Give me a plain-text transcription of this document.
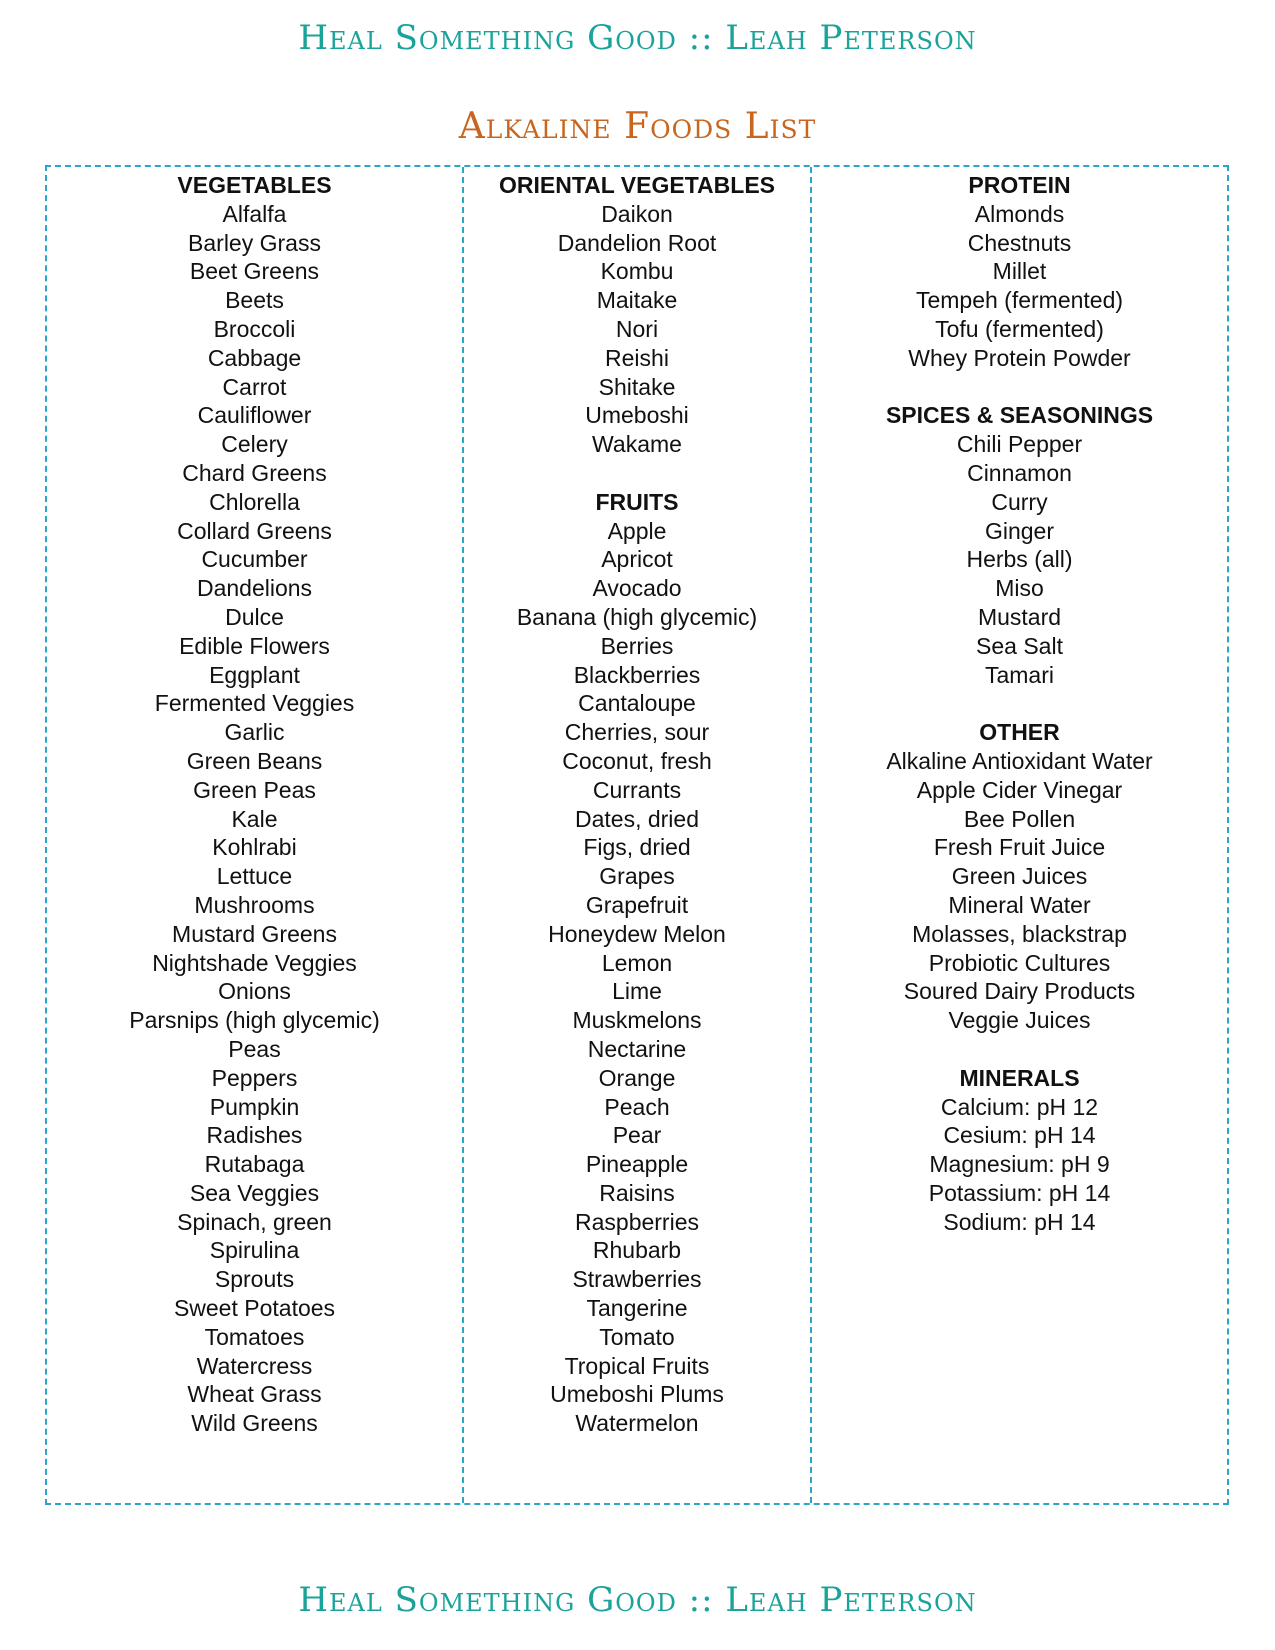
Heal Something Good :: Leah Peterson
Alkaline Foods List
VEGETABLES
Alfalfa
Barley Grass
Beet Greens
Beets
Broccoli
Cabbage
Carrot
Cauliflower
Celery
Chard Greens
Chlorella
Collard Greens
Cucumber
Dandelions
Dulce
Edible Flowers
Eggplant
Fermented Veggies
Garlic
Green Beans
Green Peas
Kale
Kohlrabi
Lettuce
Mushrooms
Mustard Greens
Nightshade Veggies
Onions
Parsnips (high glycemic)
Peas
Peppers
Pumpkin
Radishes
Rutabaga
Sea Veggies
Spinach, green
Spirulina
Sprouts
Sweet Potatoes
Tomatoes
Watercress
Wheat Grass
Wild Greens
ORIENTAL VEGETABLES
Daikon
Dandelion Root
Kombu
Maitake
Nori
Reishi
Shitake
Umeboshi
Wakame
FRUITS
Apple
Apricot
Avocado
Banana (high glycemic)
Berries
Blackberries
Cantaloupe
Cherries, sour
Coconut, fresh
Currants
Dates, dried
Figs, dried
Grapes
Grapefruit
Honeydew Melon
Lemon
Lime
Muskmelons
Nectarine
Orange
Peach
Pear
Pineapple
Raisins
Raspberries
Rhubarb
Strawberries
Tangerine
Tomato
Tropical Fruits
Umeboshi Plums
Watermelon
PROTEIN
Almonds
Chestnuts
Millet
Tempeh (fermented)
Tofu (fermented)
Whey Protein Powder
SPICES & SEASONINGS
Chili Pepper
Cinnamon
Curry
Ginger
Herbs (all)
Miso
Mustard
Sea Salt
Tamari
OTHER
Alkaline Antioxidant Water
Apple Cider Vinegar
Bee Pollen
Fresh Fruit Juice
Green Juices
Mineral Water
Molasses, blackstrap
Probiotic Cultures
Soured Dairy Products
Veggie Juices
MINERALS
Calcium: pH 12
Cesium: pH 14
Magnesium: pH 9
Potassium: pH 14
Sodium: pH 14
Heal Something Good :: Leah Peterson
